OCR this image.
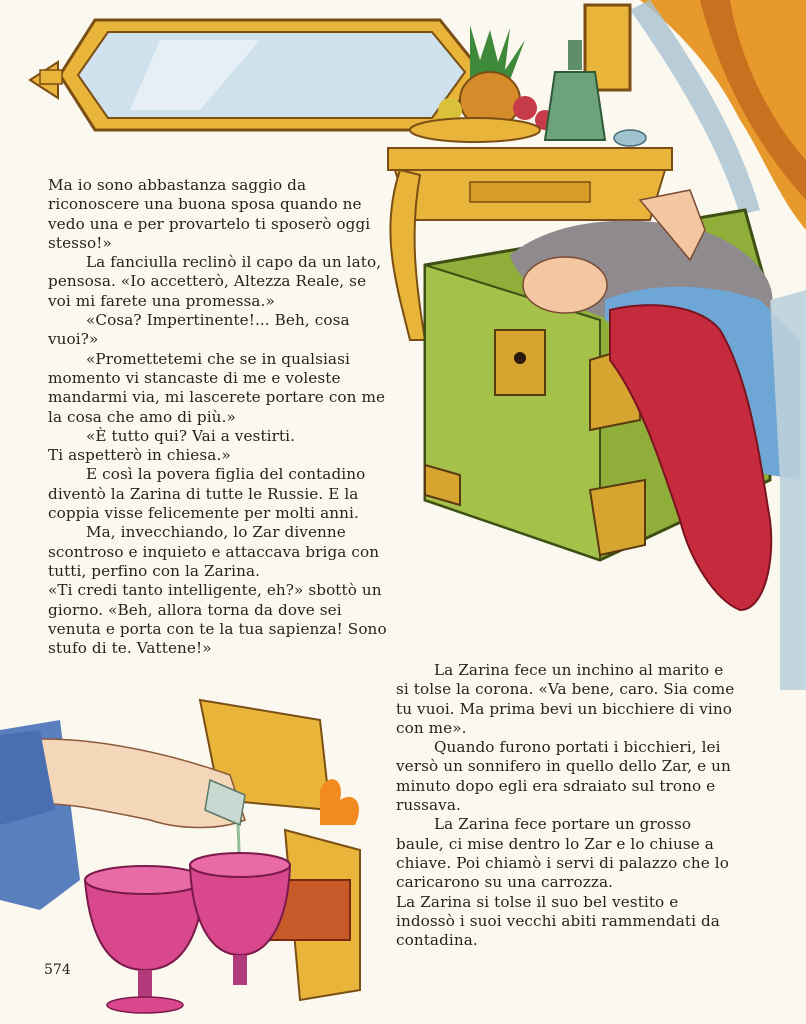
Ma io sono abbastanza saggio da riconoscere una buona sposa quando ne vedo una e per provartelo ti sposerò oggi stesso!»

La fanciulla reclinò il capo da un lato, pensosa. «Io accetterò, Altezza Reale, se voi mi farete una promessa.»

«Cosa? Impertinente!... Beh, cosa vuoi?»

«Promettetemi che se in qualsiasi momento vi stancaste di me e voleste mandarmi via, mi lascerete portare con me la cosa che amo di più.»

«È tutto qui? Vai a vestirti.

Ti aspetterò in chiesa.»

E così la povera figlia del contadino diventò la Zarina di tutte le Russie. E la coppia visse felicemente per molti anni.

Ma, invecchiando, lo Zar divenne scontroso e inquieto e attaccava briga con tutti, perfino con la Zarina.

«Ti credi tanto intelligente, eh?» sbottò un giorno. «Beh, allora torna da dove sei venuta e porta con te la tua sapienza! Sono stufo di te. Vattene!»

La Zarina fece un inchino al marito e si tolse la corona. «Va bene, caro. Sia come tu vuoi. Ma prima bevi un bicchiere di vino con me».

Quando furono portati i bicchieri, lei versò un sonnifero in quello dello Zar, e un minuto dopo egli era sdraiato sul trono e russava.

La Zarina fece portare un grosso baule, ci mise dentro lo Zar e lo chiuse a chiave. Poi chiamò i servi di palazzo che lo caricarono su una carrozza.

La Zarina si tolse il suo bel vestito e indossò i suoi vecchi abiti rammendati da contadina.

574
